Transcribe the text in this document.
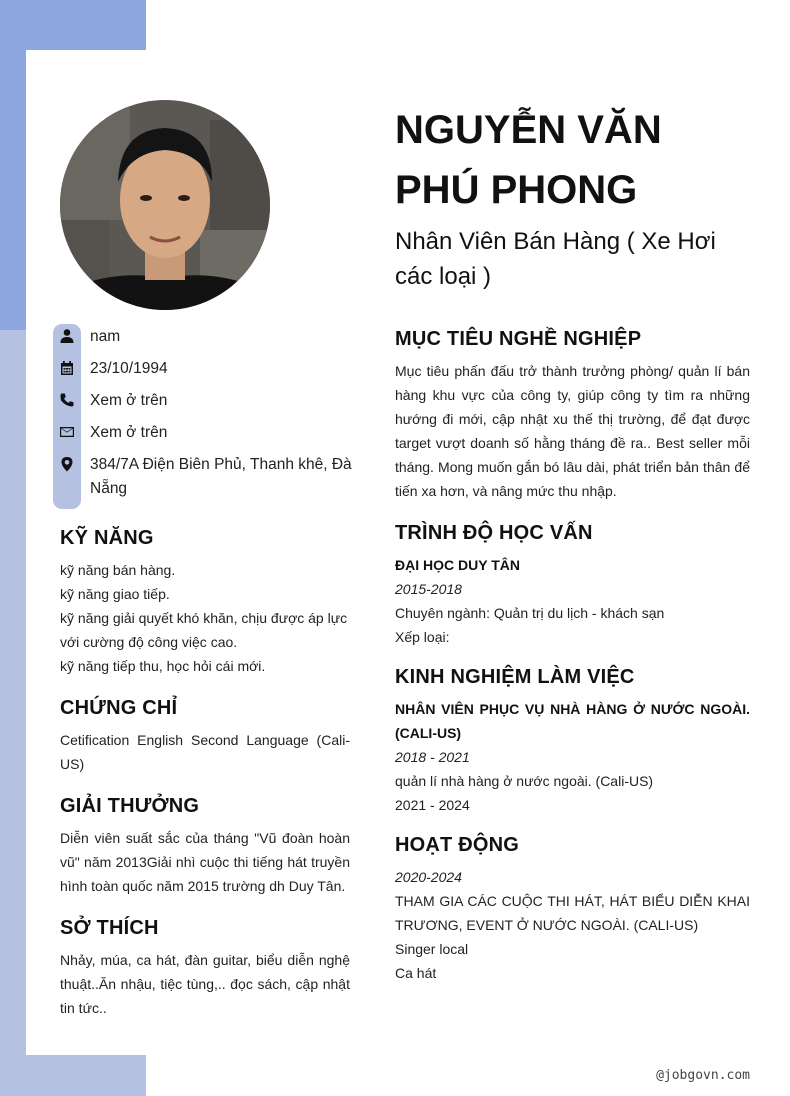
nam
23/10/1994
Xem ở trên
Xem ở trên
384/7A Điện Biên Phủ, Thanh khê, Đà Nẵng
KỸ NĂNG
kỹ năng bán hàng.
kỹ năng giao tiếp.
kỹ năng giải quyết khó khăn, chịu được áp lực với cường độ công việc cao.
kỹ năng tiếp thu, học hỏi cái mới.
CHỨNG CHỈ
Cetification English Second Language (Cali-US)
GIẢI THƯỞNG
Diễn viên suất sắc của tháng "Vũ đoàn hoàn vũ" năm 2013Giải nhì cuộc thi tiếng hát truyền hình toàn quốc năm 2015 trường dh Duy Tân.
SỞ THÍCH
Nhảy, múa, ca hát, đàn guitar, biểu diễn nghệ thuật..Ăn nhậu, tiệc tùng,.. đọc sách, cập nhật tin tức..
NGUYỄN VĂN
PHÚ PHONG
Nhân Viên Bán Hàng ( Xe Hơi các loại )
MỤC TIÊU NGHỀ NGHIỆP
Mục tiêu phấn đấu trở thành trưởng phòng/ quản lí bán hàng khu vực của công ty, giúp công ty tìm ra những hướng đi mới, cập nhật xu thế thị trường, để đạt được target vượt doanh số hằng tháng đề ra.. Best seller mỗi tháng. Mong muốn gắn bó lâu dài, phát triển bản thân để tiến xa hơn, và nâng mức thu nhập.
TRÌNH ĐỘ HỌC VẤN
ĐẠI HỌC DUY TÂN
2015-2018
Chuyên ngành: Quản trị du lịch - khách sạn
Xếp loại:
KINH NGHIỆM LÀM VIỆC
NHÂN VIÊN PHỤC VỤ NHÀ HÀNG Ở NƯỚC NGOÀI. (CALI-US)
2018 - 2021
quản lí nhà hàng ở nước ngoài. (Cali-US)
2021 - 2024
HOẠT ĐỘNG
2020-2024
THAM GIA CÁC CUỘC THI HÁT, HÁT BIỂU DIỄN KHAI TRƯƠNG, EVENT Ở NƯỚC NGOÀI. (CALI-US)
Singer local
Ca hát
@jobgovn.com
